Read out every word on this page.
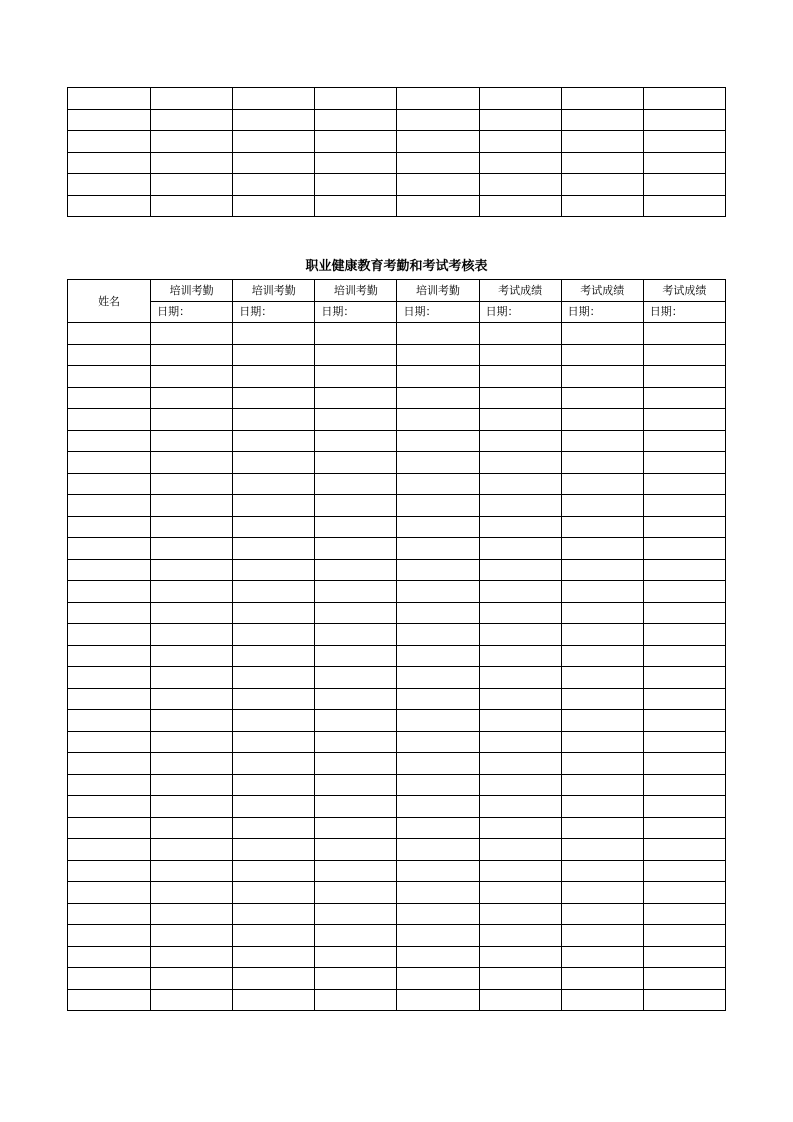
职业健康教育考勤和考试考核表
姓名	培训考勤	培训考勤	培训考勤	培训考勤	考试成绩	考试成绩	考试成绩
	日期：	日期：	日期：	日期：	日期：	日期：	日期：
